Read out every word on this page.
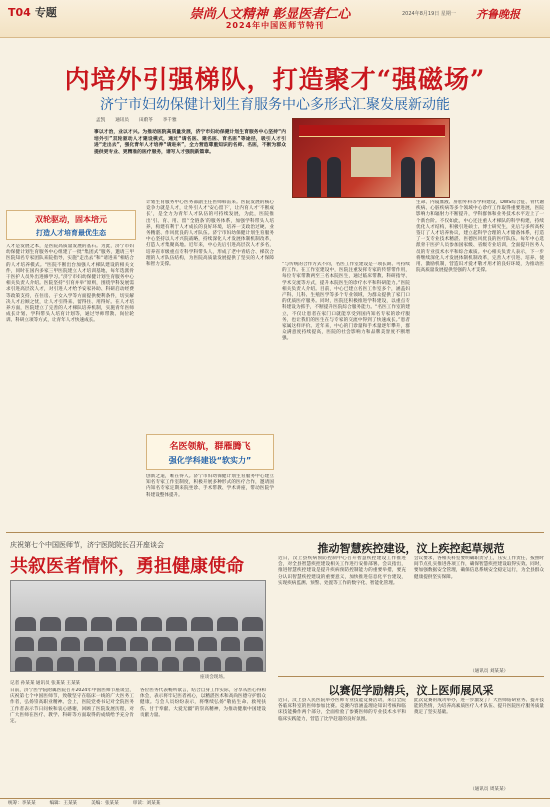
T04 专题	崇尚人文精神 彰显医者仁心
2024年中国医师节特刊
2024年8月19日 星期一 齐鲁晚报
内培外引强梯队，打造聚才“强磁场”
济宁市妇幼保健计划生育服务中心多形式汇聚发展新动能
孟凯 通讯员 田蔚苓 李千雅
事以才治，业以才兴。为推动医院高质量发展，济宁市妇幼保健计划生育服务中心坚持“内培外引”双轮驱动人才建设模式，通过“请名医、建名医、育名医”等途径，吸引人才引进“走出去”，强化青年人才培养“请进来”，全力营造尊重知识的名师、名医，不断为群众提供更专业、更精准的医疗服务，谱写人才强院新篇章。
双轮驱动，固本培元
打造人才培育最优生态
人才是发展之本，是医院高质量发展的基石。为此，济宁市妇幼保健计划生育服务中心组建了一批“集团式”服务，邀请三甲医院知名专家团队来院指导，实施“走出去”和“请进来”相结合的人才培养模式。“医院不断出台加强人才梯队建设的相关文件，同时在国内多家三甲医院建立人才培训基地，每年选派骨干医护人员外出进修学习。”济宁市妇幼保健计划生育服务中心相关负责人介绍。医院坚持“引育并举”原则，围绕学科发展需求引进高层次人才，对引进人才给予安家补助、科研启动经费等政策支持，在住房、子女入学等方面提供便利条件，切实解决人才后顾之忧，让人才引得来、留得住、用得好。在人才培养方面，医院建立了完善的人才梯队培养机制，实施青年医师成长计划、学科带头人培育计划等，通过导师带教、岗位轮训、科研立项等方式，让青年人才快速成长。
计划生育服务中心医务部副主任医师韩雷来。医院发展的核心竞争力就是人才，让外引人才‘安心留下’，让内育人才‘不断成长’，是全力为青年人才队伍的可持续发展，为此，医院推出‘引、育、用、留’‘全链条’的服务体系，加强学科带头人培养，构建有利于人才成长的良好环境，培养一支政治过硬、业务精湛、作风优良的人才队伍。济宁市妇幼保健计划生育服务中心坚持以人才兴院战略，持续深化人才发展体制机制改革，打造人才集聚高地。近年来，中心先后引进高层次人才多名，培养省市级重点专科学科带头人，形成了老中青结合、梯次合理的人才队伍结构，为医院高质量发展提供了坚实的人才保障和智力支撑。
名医领航，群雁腾飞
强化学科建设“软实力”
创新之道，唯在得人。济宁市妇幼保健计划生育服务中心建立知名专家工作室制度，积极开展多种形式的医疗合作，邀请国内知名专家定期来院坐诊、手术带教、学术讲座，带动医院学科建设整体提升。
“与传统的合作方式不同，名医工作室建设是一项长期、可持续的工作。在工作室建设中，医院注重发挥专家的传帮带作用，每位专家带教两至三名本院医生，通过临床带教、科研指导、学术交流等方式，提升本院医生的诊疗水平和科研能力。”医院相关负责人介绍。目前，中心已建立名医工作室多个，涵盖妇产科、儿科、生殖医学等多个专业领域，为群众提供了家门口的优质医疗服务。同时，医院还积极推进学科建设，以重点专科建设为抓手，不断提升医院综合服务能力。“名医工作室的建立，不仅让患者在家门口就能享受到国内知名专家的诊疗服务，也让我们的医生在与专家的交流中得到了快速成长。”患者家属这样评价。近年来，中心的门诊量和手术量逐年攀升，群众满意度持续提高，医院的社会影响力和品牌美誉度不断增强。
生命、内镜血液、肝胆外科等学科建设，DWS综合征、骨代谢疾病、心脏疾病等多个领域中心诊疗工作取得重要进展，医院影响力和辐射力不断提升，学科群体和业务技术水平迈上了一个新台阶。不仅如此，中心还注重人才梯队的科学构建，持续优化人才结构，积极引进硕士、博士研究生，先后与多所高校签订了人才培养协议，建立起科学合理的人才储备体系，打造了一支专业技术精湛、医德医风优良的医疗队伍。每年中心选派骨干医护人员参加国家级、省级专业培训，全面提升医务人员的专业技术水平和综合素质。中心相关负责人表示，下一步将继续深化人才发展体制机制改革，完善人才引进、培养、使用、激励机制，营造识才爱才敬才用才的良好环境，为推动医院高质量发展提供坚强的人才支撑。
庆祝第七个中国医师节，济宁医院院长召开座谈会
共叙医者情怀，勇担健康使命
座谈会现场。
记者 孙某某 通讯员 张某某 王某某
日前，济宁医学院附属医院召开2024年中国医师节座谈会，庆祝第七个中国医师节，致敬坚守在临床一线的广大医务工作者，弘扬崇高职业精神。会上，医院党委书记对全院医务工作者表示节日问候和衷心感谢，回顾了医院发展历程，对广大医师在医疗、教学、科研等方面取得的成绩给予充分肯定。
各位医务代表畅所欲言，结合自身工作实际，分享从医心得和体会，表示将牢记医者初心，以精湛医术和高尚医德守护群众健康。与会人员纷纷表示，将继续弘扬“敬佑生命、救死扶伤、甘于奉献、大爱无疆”的崇高精神，为推动健康中国建设贡献力量。
推动智慧疾控建设，汶上疾控起草规范
近日，汶上县疾病预防控制中心召开智慧疾控建设工作推进会，对全县智慧疾控建设相关工作进行安排部署。会议指出，推进智慧疾控建设是提升疾病预防控制能力的重要举措，要充分认识智慧疾控建设的重要意义，加快推进信息化平台建设，实现疾病监测、预警、处置等工作的数字化、智能化管理。
会议要求，各相关科室要明确职责分工，压实工作责任，按照时间节点扎实推进各项工作，确保智慧疾控建设取得实效。同时，要加强数据安全管理，确保信息系统安全稳定运行，为全县群众健康提供坚实保障。
（通讯员 刘某某）
以赛促学励精兵，汶上医师展风采
近日，汶上县人民医院举办医师专业技能竞赛活动，来自全院各临床科室的医师参加比赛。竞赛内容涵盖理论知识考核和临床技能操作两个部分，全面检验了参赛医师的专业技术水平和临床实践能力，营造了比学赶超的良好氛围。
此次竞赛的成功举办，进一步激发了广大医师钻研业务、提升技能的热情，为培养高素质医疗人才队伍、提升医院医疗服务质量奠定了坚实基础。
（通讯员 周某某）
统筹：李某某	编辑：王某某	美编：张某某	审读：刘某某
